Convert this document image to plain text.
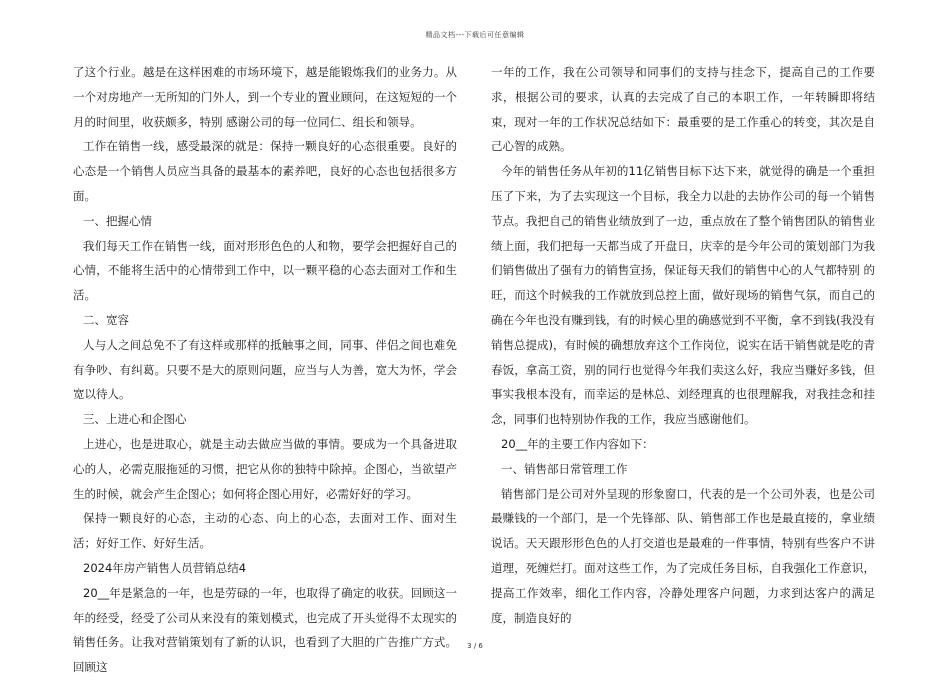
精品文档---下载后可任意编辑

了这个行业。越是在这样困难的市场环境下，越是能锻炼我们的业务力。从一个对房地产一无所知的门外人，到一个专业的置业顾问，在这短短的一个月的时间里，收获颇多，特别 感谢公司的每一位同仁、组长和领导。

工作在销售一线，感受最深的就是：保持一颗良好的心态很重要。良好的心态是一个销售人员应当具备的最基本的素养吧，良好的心态也包括很多方面。

一、把握心情

我们每天工作在销售一线，面对形形色色的人和物，要学会把握好自己的心情，不能将生活中的心情带到工作中，以一颗平稳的心态去面对工作和生活。

二、宽容

人与人之间总免不了有这样或那样的抵触事之间，同事、伴侣之间也难免有争吵、有纠葛。只要不是大的原则问题，应当与人为善，宽大为怀，学会宽以待人。

三、上进心和企图心

上进心，也是进取心，就是主动去做应当做的事情。要成为一个具备进取心的人，必需克服拖延的习惯，把它从你的独特中除掉。企图心，当欲望产生的时候，就会产生企图心；如何将企图心用好，必需好好的学习。

保持一颗良好的心态，主动的心态、向上的心态，去面对工作、面对生活；好好工作、好好生活。

2024年房产销售人员营销总结4

20__年是紧急的一年，也是劳碌的一年，也取得了确定的收获。回顾这一年的经受，经受了公司从来没有的策划模式，也完成了开头觉得不太现实的销售任务。让我对营销策划有了新的认识，也看到了大胆的广告推广方式。回顾这

一年的工作，我在公司领导和同事们的支持与挂念下，提高自己的工作要求，根据公司的要求，认真的去完成了自己的本职工作，一年转瞬即将结束，现对一年的工作状况总结如下：最重要的是工作重心的转变，其次是自己心智的成熟。

今年的销售任务从年初的11亿销售目标下达下来，就觉得的确是一个重担压了下来，为了去实现这一个目标，我全力以赴的去协作公司的每一个销售节点。我把自己的销售业绩放到了一边，重点放在了整个销售团队的销售业绩上面，我们把每一天都当成了开盘日，庆幸的是今年公司的策划部门为我们销售做出了强有力的销售宣扬，保证每天我们的销售中心的人气都特别 的旺，而这个时候我的工作就放到总控上面，做好现场的销售气氛，而自己的确在今年也没有赚到钱，有的时候心里的确感觉到不平衡，拿不到钱(我没有销售总提成)，有时候的确想放弃这个工作岗位，说实在话干销售就是吃的青春饭，拿高工资，别的同行也觉得今年我们卖这么好，我应当赚好多钱，但事实我根本没有，而幸运的是林总、刘经理真的也很理解我，对我挂念和挂念，同事们也特别协作我的工作，我应当感谢他们。

20__年的主要工作内容如下：

一、销售部日常管理工作

销售部门是公司对外呈现的形象窗口，代表的是一个公司外表，也是公司最赚钱的一个部门，是一个先锋部、队、销售部工作也是最直接的，拿业绩说话。天天跟形形色色的人打交道也是最难的一件事情，特别有些客户不讲道理，死缠烂打。面对这些工作，为了完成任务目标，自我强化工作意识，提高工作效率，细化工作内容，冷静处理客户问题，力求到达客户的满足度，制造良好的

3 / 6
